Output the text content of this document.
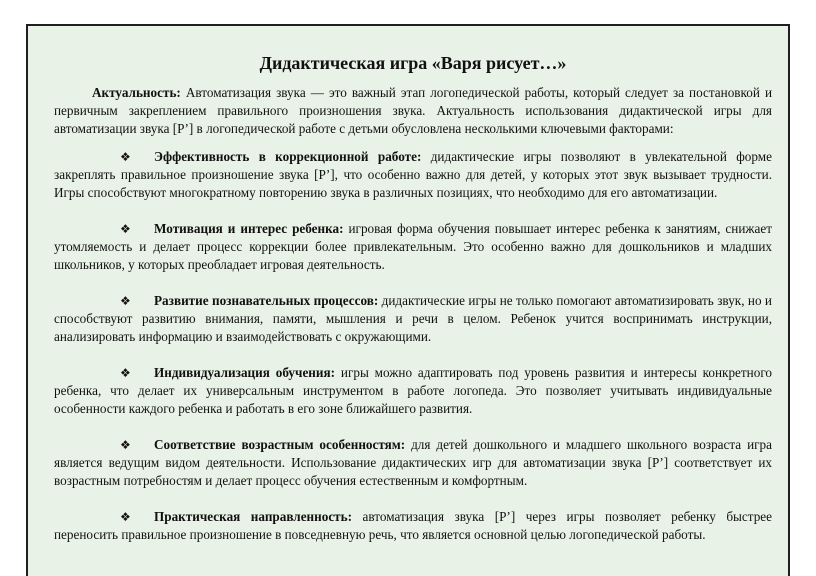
Дидактическая игра «Варя рисует…»

Актуальность: Автоматизация звука — это важный этап логопедической работы, который следует за постановкой и первичным закреплением правильного произношения звука. Актуальность использования дидактической игры для автоматизации звука [Р’] в логопедической работе с детьми обусловлена несколькими ключевыми факторами:

❖ Эффективность в коррекционной работе: дидактические игры позволяют в увлекательной форме закреплять правильное произношение звука [Р’], что особенно важно для детей, у которых этот звук вызывает трудности. Игры способствуют многократному повторению звука в различных позициях, что необходимо для его автоматизации.

❖ Мотивация и интерес ребенка: игровая форма обучения повышает интерес ребенка к занятиям, снижает утомляемость и делает процесс коррекции более привлекательным. Это особенно важно для дошкольников и младших школьников, у которых преобладает игровая деятельность.

❖ Развитие познавательных процессов: дидактические игры не только помогают автоматизировать звук, но и способствуют развитию внимания, памяти, мышления и речи в целом. Ребенок учится воспринимать инструкции, анализировать информацию и взаимодействовать с окружающими.

❖ Индивидуализация обучения: игры можно адаптировать под уровень развития и интересы конкретного ребенка, что делает их универсальным инструментом в работе логопеда. Это позволяет учитывать индивидуальные особенности каждого ребенка и работать в его зоне ближайшего развития.

❖ Соответствие возрастным особенностям: для детей дошкольного и младшего школьного возраста игра является ведущим видом деятельности. Использование дидактических игр для автоматизации звука [Р’] соответствует их возрастным потребностям и делает процесс обучения естественным и комфортным.

❖ Практическая направленность: автоматизация звука [Р’] через игры позволяет ребенку быстрее переносить правильное произношение в повседневную речь, что является основной целью логопедической работы.
